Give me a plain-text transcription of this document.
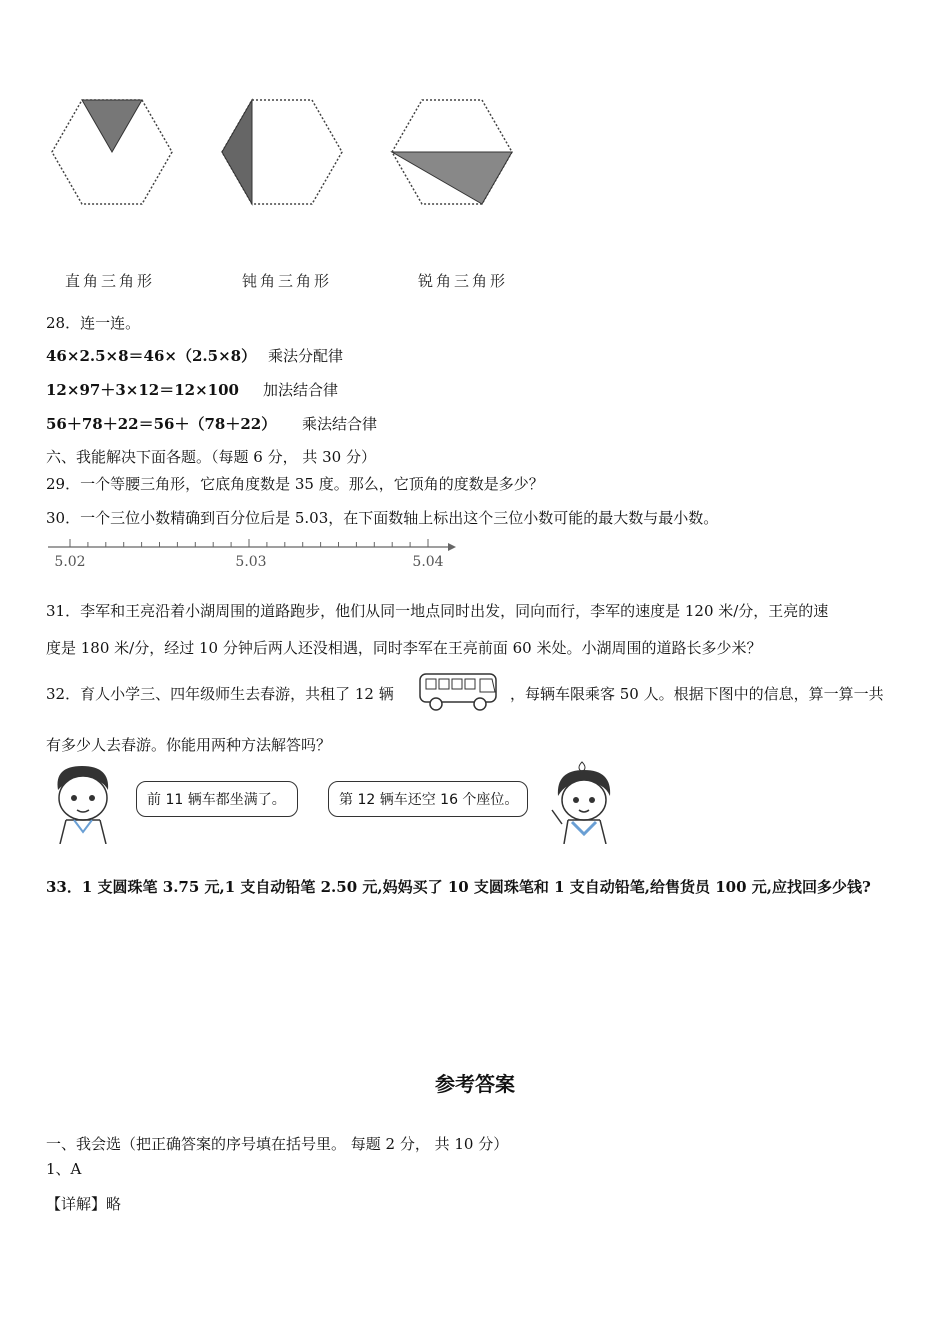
直角三角形	钝角三角形	锐角三角形
28．连一连。
46×2.5×8＝46×（2.5×8） 乘法分配律
12×97＋3×12＝12×100 加法结合律
56＋78＋22＝56＋（78＋22） 乘法结合律
六、我能解决下面各题。（每题 6 分， 共 30 分）
29．一个等腰三角形，它底角度数是 35 度。那么，它顶角的度数是多少？
30．一个三位小数精确到百分位后是 5.03，在下面数轴上标出这个三位小数可能的最大数与最小数。
5.02	5.03	5.04
31．李军和王亮沿着小湖周围的道路跑步，他们从同一地点同时出发，同向而行，李军的速度是 120 米/分，王亮的速
度是 180 米/分，经过 10 分钟后两人还没相遇，同时李军在王亮前面 60 米处。小湖周围的道路长多少米？
32．育人小学三、四年级师生去春游，共租了 12 辆	，每辆车限乘客 50 人。根据下图中的信息，算一算一共
有多少人去春游。你能用两种方法解答吗？
前 11 辆车都坐满了。	第 12 辆车还空 16 个座位。
33．1 支圆珠笔 3.75 元,1 支自动铅笔 2.50 元,妈妈买了 10 支圆珠笔和 1 支自动铅笔,给售货员 100 元,应找回多少钱?
参考答案
一、我会选（把正确答案的序号填在括号里。 每题 2 分， 共 10 分）
1、A
【详解】略
